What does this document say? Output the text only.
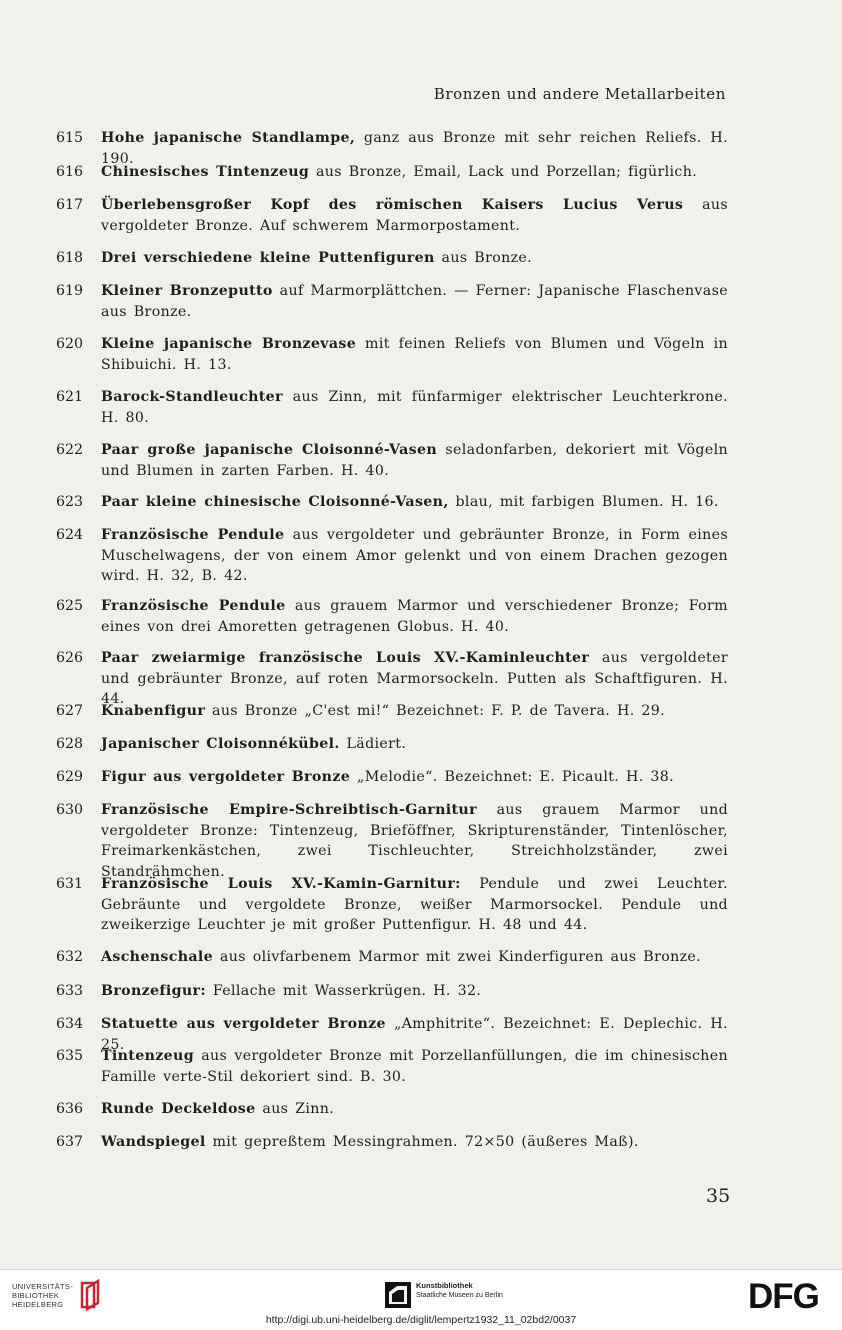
Bronzen und andere Metallarbeiten
615	Hohe japanische Standlampe, ganz aus Bronze mit sehr reichen Reliefs. H. 190.
616	Chinesisches Tintenzeug aus Bronze, Email, Lack und Porzellan; figürlich.
617	Überlebensgroßer Kopf des römischen Kaisers Lucius Verus aus vergoldeter Bronze. Auf schwerem Marmorpostament.
618	Drei verschiedene kleine Puttenfiguren aus Bronze.
619	Kleiner Bronzeputto auf Marmorplättchen. — Ferner: Japanische Flaschenvase aus Bronze.
620	Kleine japanische Bronzevase mit feinen Reliefs von Blumen und Vögeln in Shibuichi. H. 13.
621	Barock-Standleuchter aus Zinn, mit fünfarmiger elektrischer Leuchterkrone. H. 80.
622	Paar große japanische Cloisonné-Vasen seladonfarben, dekoriert mit Vögeln und Blumen in zarten Farben. H. 40.
623	Paar kleine chinesische Cloisonné-Vasen, blau, mit farbigen Blumen. H. 16.
624	Französische Pendule aus vergoldeter und gebräunter Bronze, in Form eines Muschelwagens, der von einem Amor gelenkt und von einem Drachen gezogen wird. H. 32, B. 42.
625	Französische Pendule aus grauem Marmor und verschiedener Bronze; Form eines von drei Amoretten getragenen Globus. H. 40.
626	Paar zweiarmige französische Louis XV.-Kaminleuchter aus vergoldeter und gebräunter Bronze, auf roten Marmorsockeln. Putten als Schaftfiguren. H. 44.
627	Knabenfigur aus Bronze „C'est mi!“ Bezeichnet: F. P. de Tavera. H. 29.
628	Japanischer Cloisonnékübel. Lädiert.
629	Figur aus vergoldeter Bronze „Melodie“. Bezeichnet: E. Picault. H. 38.
630	Französische Empire-Schreibtisch-Garnitur aus grauem Marmor und vergoldeter Bronze: Tintenzeug, Brieföffner, Skripturenständer, Tintenlöscher, Freimarkenkästchen, zwei Tischleuchter, Streichholzständer, zwei Standrähmchen.
631	Französische Louis XV.-Kamin-Garnitur: Pendule und zwei Leuchter. Gebräunte und vergoldete Bronze, weißer Marmorsockel. Pendule und zweikerzige Leuchter je mit großer Puttenfigur. H. 48 und 44.
632	Aschenschale aus olivfarbenem Marmor mit zwei Kinderfiguren aus Bronze.
633	Bronzefigur: Fellache mit Wasserkrügen. H. 32.
634	Statuette aus vergoldeter Bronze „Amphitrite“. Bezeichnet: E. Deplechic. H. 25.
635	Tintenzeug aus vergoldeter Bronze mit Porzellanfüllungen, die im chinesischen Famille verte-Stil dekoriert sind. B. 30.
636	Runde Deckeldose aus Zinn.
637	Wandspiegel mit gepreßtem Messingrahmen. 72×50 (äußeres Maß).
35
UNIVERSITÄTS-
BIBLIOTHEK
HEIDELBERG
Kunstbibliothek
Staatliche Museen zu Berlin	DFG
http://digi.ub.uni-heidelberg.de/diglit/lempertz1932_11_02bd2/0037
